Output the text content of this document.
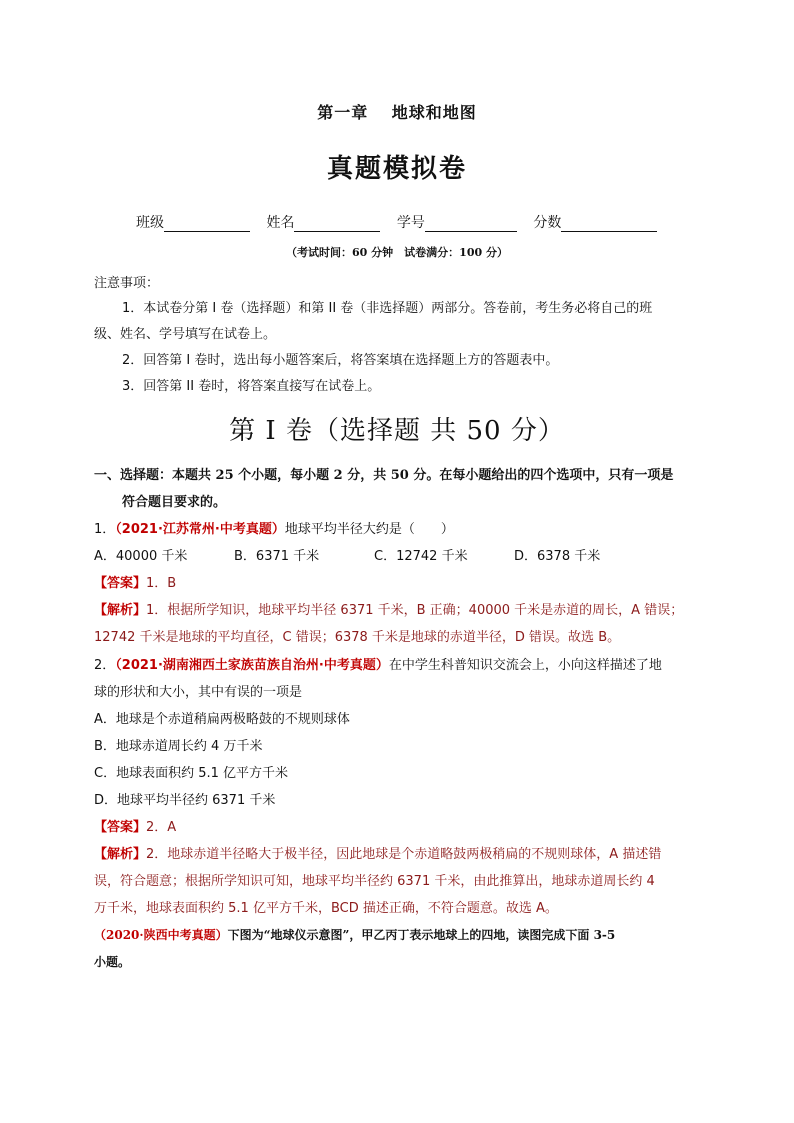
第一章　 地球和地图
真题模拟卷
班级	姓名	学号	分数
（考试时间：60 分钟　试卷满分：100 分）
注意事项：
1．本试卷分第 I 卷（选择题）和第 II 卷（非选择题）两部分。答卷前，考生务必将自己的班
级、姓名、学号填写在试卷上。
2．回答第 I 卷时，选出每小题答案后，将答案填在选择题上方的答题表中。
3．回答第 II 卷时，将答案直接写在试卷上。
第 I 卷（选择题 共 50 分）
一、选择题：本题共 25 个小题，每小题 2 分，共 50 分。在每小题给出的四个选项中，只有一项是
符合题目要求的。
1．（2021·江苏常州·中考真题）地球平均半径大约是（　　）
A．40000 千米	B．6371 千米	C．12742 千米	D．6378 千米
【答案】1．B
【解析】1．根据所学知识，地球平均半径 6371 千米，B 正确；40000 千米是赤道的周长，A 错误；
12742 千米是地球的平均直径，C 错误；6378 千米是地球的赤道半径，D 错误。故选 B。
2．（2021·湖南湘西土家族苗族自治州·中考真题）在中学生科普知识交流会上，小向这样描述了地
球的形状和大小，其中有误的一项是
A．地球是个赤道稍扁两极略鼓的不规则球体
B．地球赤道周长约 4 万千米
C．地球表面积约 5.1 亿平方千米
D．地球平均半径约 6371 千米
【答案】2．A
【解析】2．地球赤道半径略大于极半径，因此地球是个赤道略鼓两极稍扁的不规则球体，A 描述错
误，符合题意；根据所学知识可知，地球平均半径约 6371 千米，由此推算出，地球赤道周长约 4
万千米，地球表面积约 5.1 亿平方千米，BCD 描述正确，不符合题意。故选 A。
（2020·陕西中考真题）下图为“地球仪示意图”，甲乙丙丁表示地球上的四地，读图完成下面 3-5
小题。
